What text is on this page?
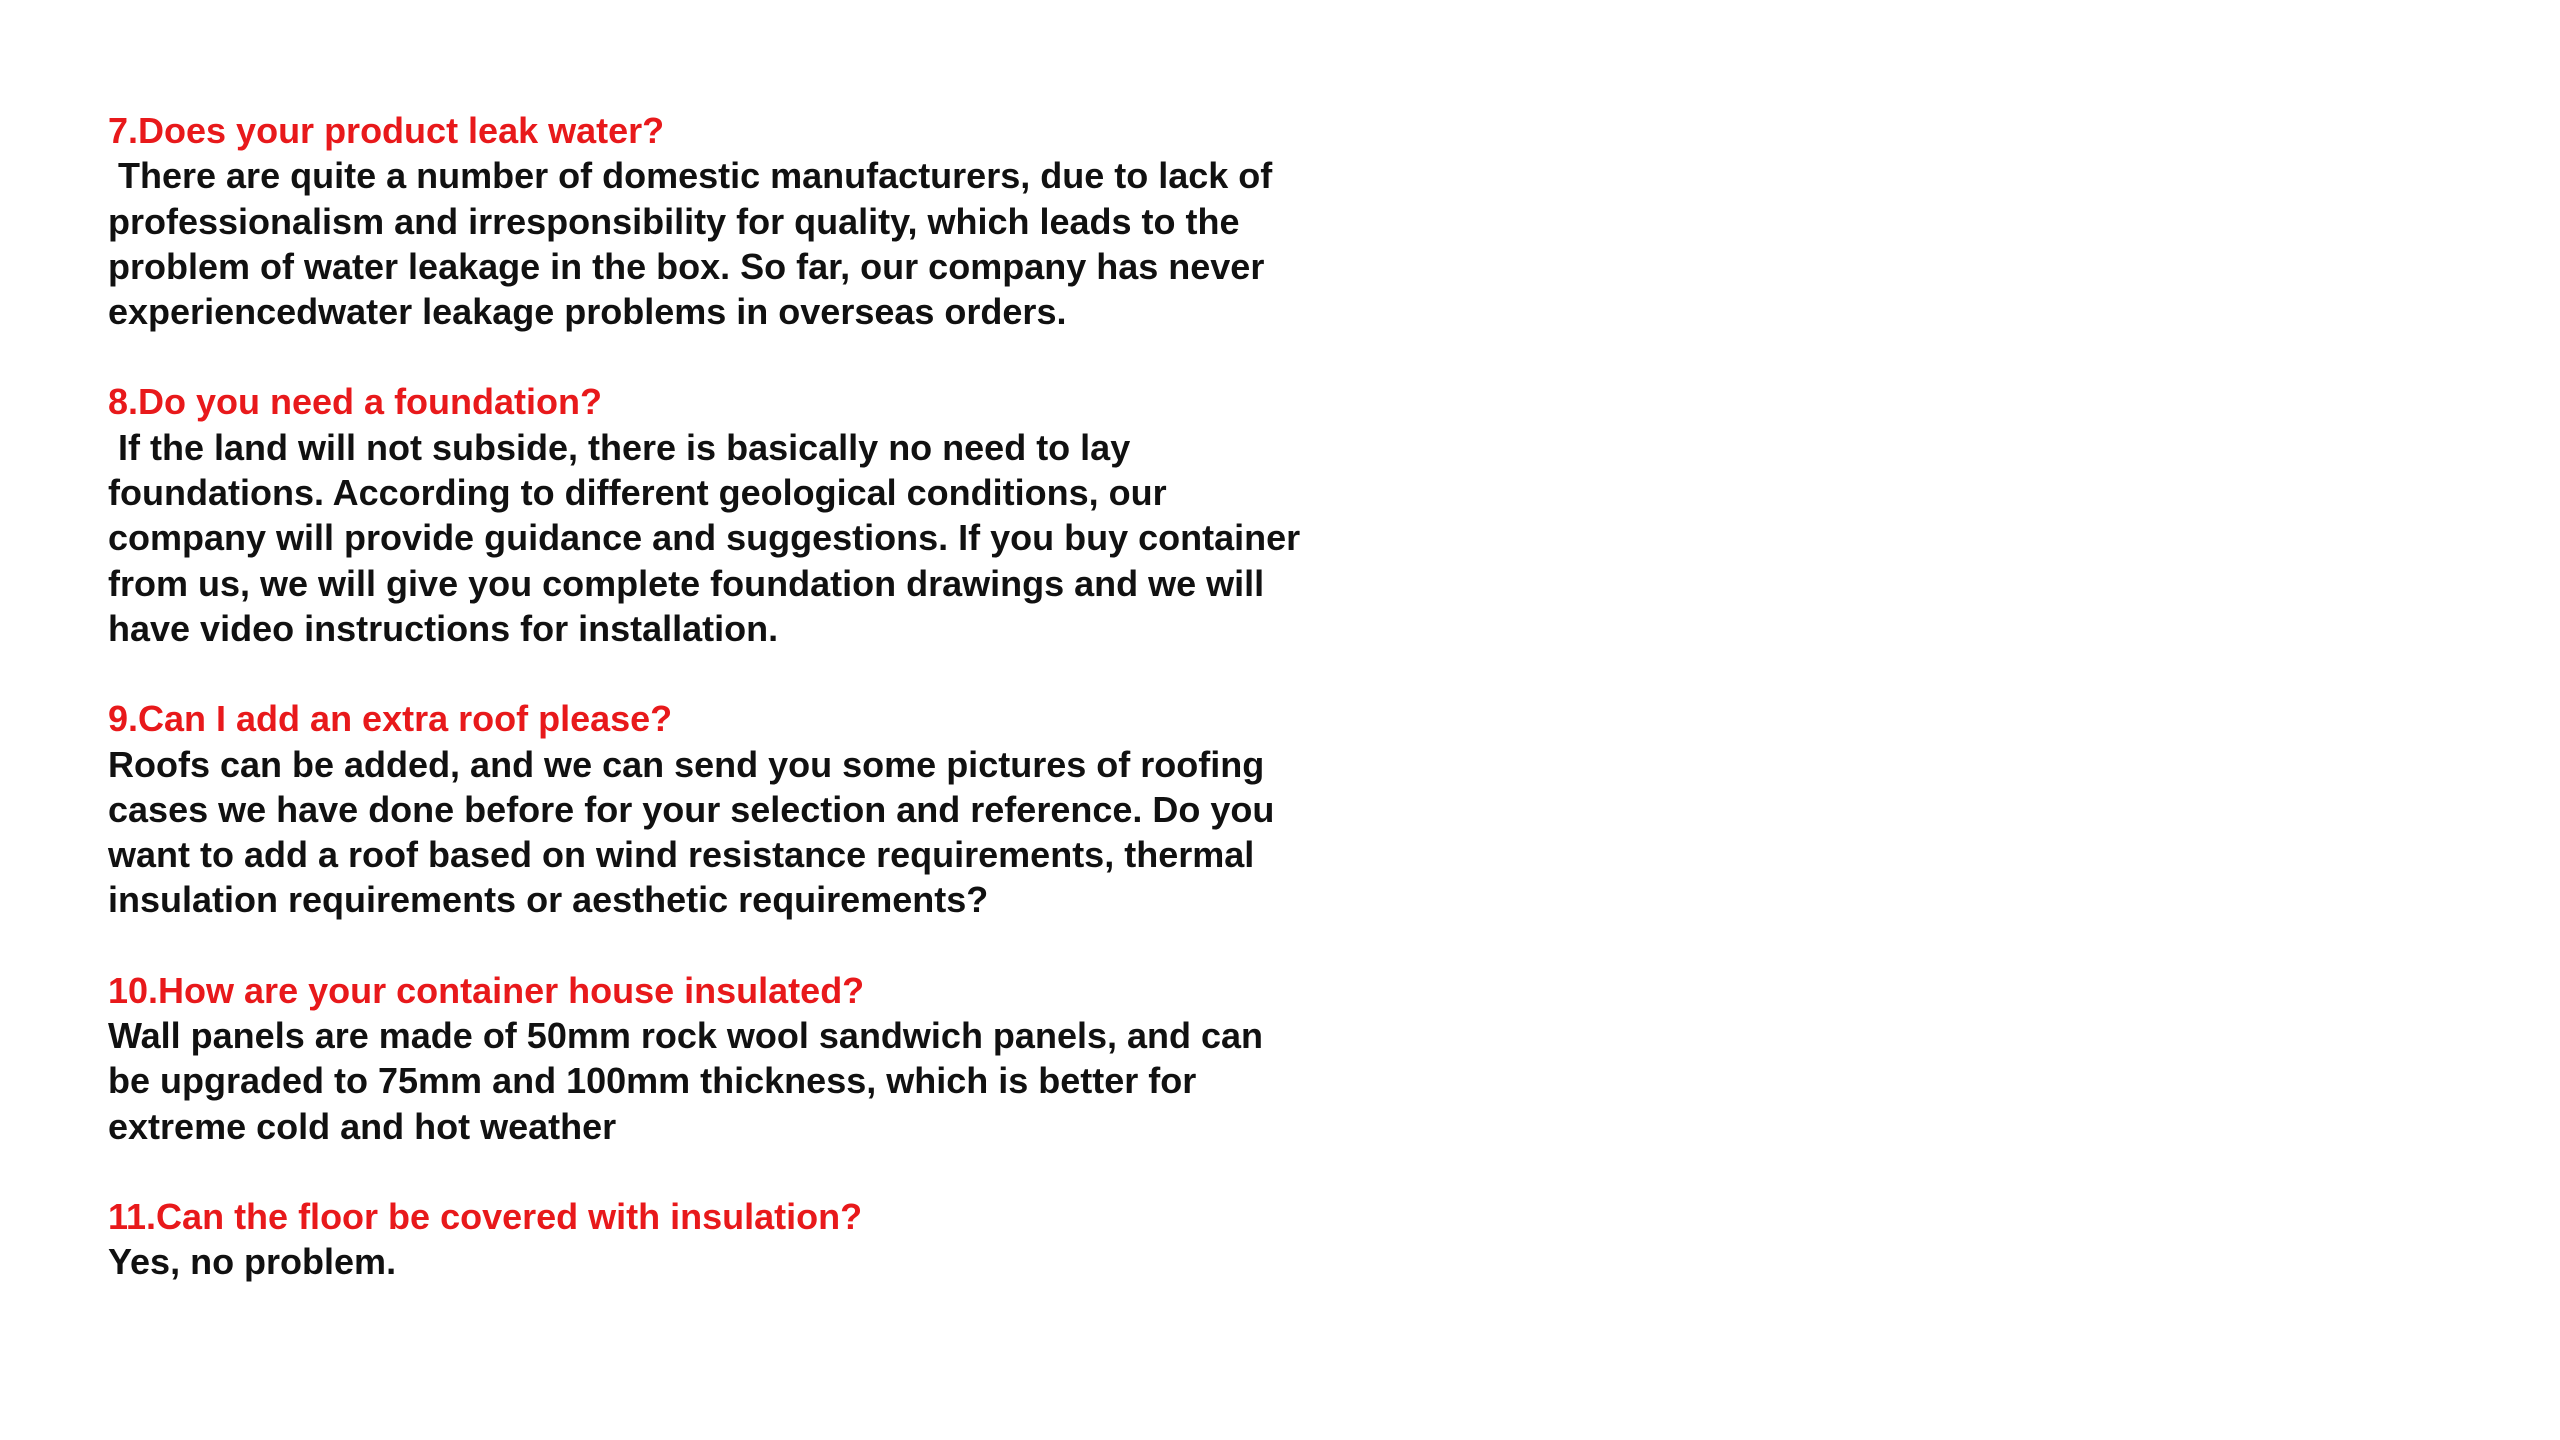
7.Does your product leak water?

There are quite a number of domestic manufacturers, due to lack of
professionalism and irresponsibility for quality, which leads to the
problem of water leakage in the box. So far, our company has never
experiencedwater leakage problems in overseas orders.

8.Do you need a foundation?

If the land will not subside, there is basically no need to lay
foundations. According to different geological conditions, our
company will provide guidance and suggestions. If you buy container
from us, we will give you complete foundation drawings and we will
have video instructions for installation.

9.Can I add an extra roof please?

Roofs can be added, and we can send you some pictures of roofing
cases we have done before for your selection and reference. Do you
want to add a roof based on wind resistance requirements, thermal
insulation requirements or aesthetic requirements?

10.How are your container house insulated?

Wall panels are made of 50mm rock wool sandwich panels, and can
be upgraded to 75mm and 100mm thickness, which is better for
extreme cold and hot weather

11.Can the floor be covered with insulation?

Yes, no problem.
